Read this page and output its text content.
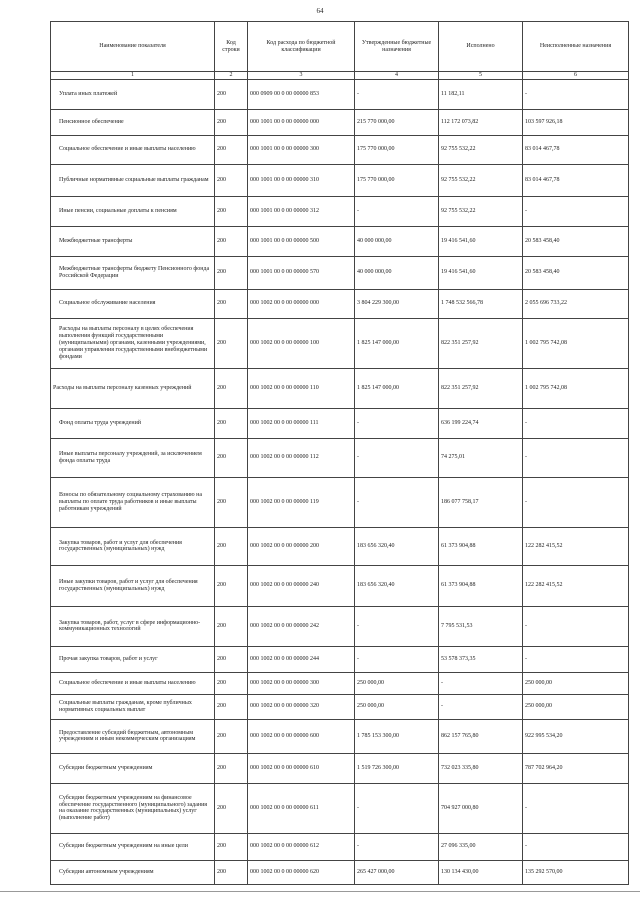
64
Наименование показателя	Код строки	Код расхода по бюджетной классификации	Утвержденные бюджетные назначения	Исполнено	Неисполненные назначения
1	2	3	4	5	6
Уплата иных платежей	200	000 0909 00 0 00 00000 853	-	11 182,11	-
Пенсионное обеспечение	200	000 1001 00 0 00 00000 000	215 770 000,00	112 172 073,82	103 597 926,18
Социальное обеспечение и иные выплаты населению	200	000 1001 00 0 00 00000 300	175 770 000,00	92 755 532,22	83 014 467,78
Публичные нормативные социальные выплаты гражданам	200	000 1001 00 0 00 00000 310	175 770 000,00	92 755 532,22	83 014 467,78
Иные пенсии, социальные доплаты к пенсиям	200	000 1001 00 0 00 00000 312	-	92 755 532,22	-
Межбюджетные трансферты	200	000 1001 00 0 00 00000 500	40 000 000,00	19 416 541,60	20 583 458,40
Межбюджетные трансферты бюджету Пенсионного фонда Российской Федерации	200	000 1001 00 0 00 00000 570	40 000 000,00	19 416 541,60	20 583 458,40
Социальное обслуживание населения	200	000 1002 00 0 00 00000 000	3 804 229 300,00	1 748 532 566,78	2 055 696 733,22
Расходы на выплаты персоналу в целях обеспечения выполнения функций государственными (муниципальными) органами, казенными учреждениями, органами управления государственными внебюджетными фондами	200	000 1002 00 0 00 00000 100	1 825 147 000,00	822 351 257,92	1 002 795 742,08
Расходы на выплаты персоналу казенных учреждений	200	000 1002 00 0 00 00000 110	1 825 147 000,00	822 351 257,92	1 002 795 742,08
Фонд оплаты труда учреждений	200	000 1002 00 0 00 00000 111	-	636 199 224,74	-
Иные выплаты персоналу учреждений, за исключением фонда оплаты труда	200	000 1002 00 0 00 00000 112	-	74 275,01	-
Взносы по обязательному социальному страхованию на выплаты по оплате труда работников и иные выплаты работникам учреждений	200	000 1002 00 0 00 00000 119	-	186 077 758,17	-
Закупка товаров, работ и услуг для обеспечения государственных (муниципальных) нужд	200	000 1002 00 0 00 00000 200	183 656 320,40	61 373 904,88	122 282 415,52
Иные закупки товаров, работ и услуг для обеспечения государственных (муниципальных) нужд	200	000 1002 00 0 00 00000 240	183 656 320,40	61 373 904,88	122 282 415,52
Закупка товаров, работ, услуг в сфере информационно-коммуникационных технологий	200	000 1002 00 0 00 00000 242	-	7 795 531,53	-
Прочая закупка товаров, работ и услуг	200	000 1002 00 0 00 00000 244	-	53 578 373,35	-
Социальное обеспечение и иные выплаты населению	200	000 1002 00 0 00 00000 300	250 000,00	-	250 000,00
Социальные выплаты гражданам, кроме публичных нормативных социальных выплат	200	000 1002 00 0 00 00000 320	250 000,00	-	250 000,00
Предоставление субсидий бюджетным, автономным учреждениям и иным некоммерческим организациям	200	000 1002 00 0 00 00000 600	1 785 153 300,00	862 157 765,80	922 995 534,20
Субсидии бюджетным учреждениям	200	000 1002 00 0 00 00000 610	1 519 726 300,00	732 023 335,80	787 702 964,20
Субсидии бюджетным учреждениям на финансовое обеспечение государственного (муниципального) задания на оказание государственных (муниципальных) услуг (выполнение работ)	200	000 1002 00 0 00 00000 611	-	704 927 000,80	-
Субсидии бюджетным учреждениям на иные цели	200	000 1002 00 0 00 00000 612	-	27 096 335,00	-
Субсидии автономным учреждениям	200	000 1002 00 0 00 00000 620	265 427 000,00	130 134 430,00	135 292 570,00
